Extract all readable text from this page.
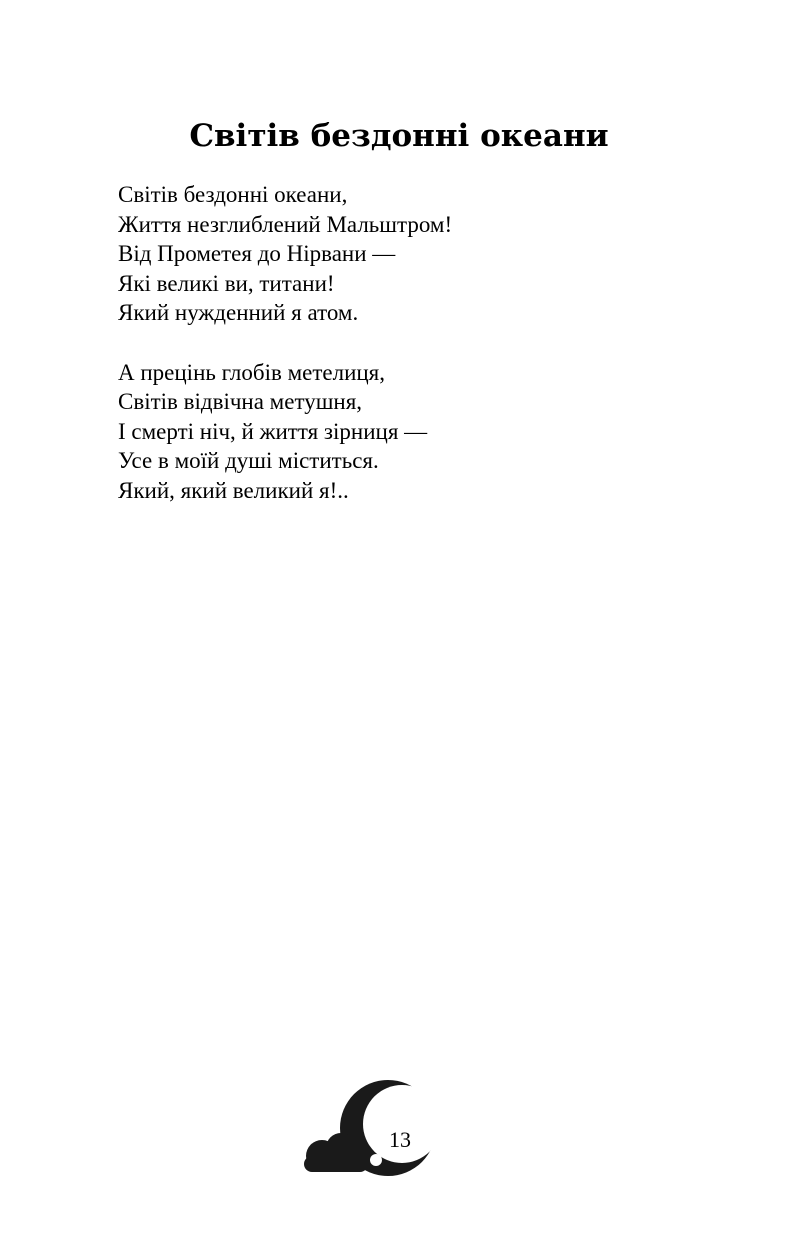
Світів бездонні океани

Світів бездонні океани,
Життя незглиблений Мальштром!
Від Прометея до Нірвани —
Які великі ви, титани!
Який нужденний я атом.

А прецінь глобів метелиця,
Світів відвічна метушня,
І смерті ніч, й життя зірниця —
Усе в моїй душі міститься.
Який, який великий я!..

13
